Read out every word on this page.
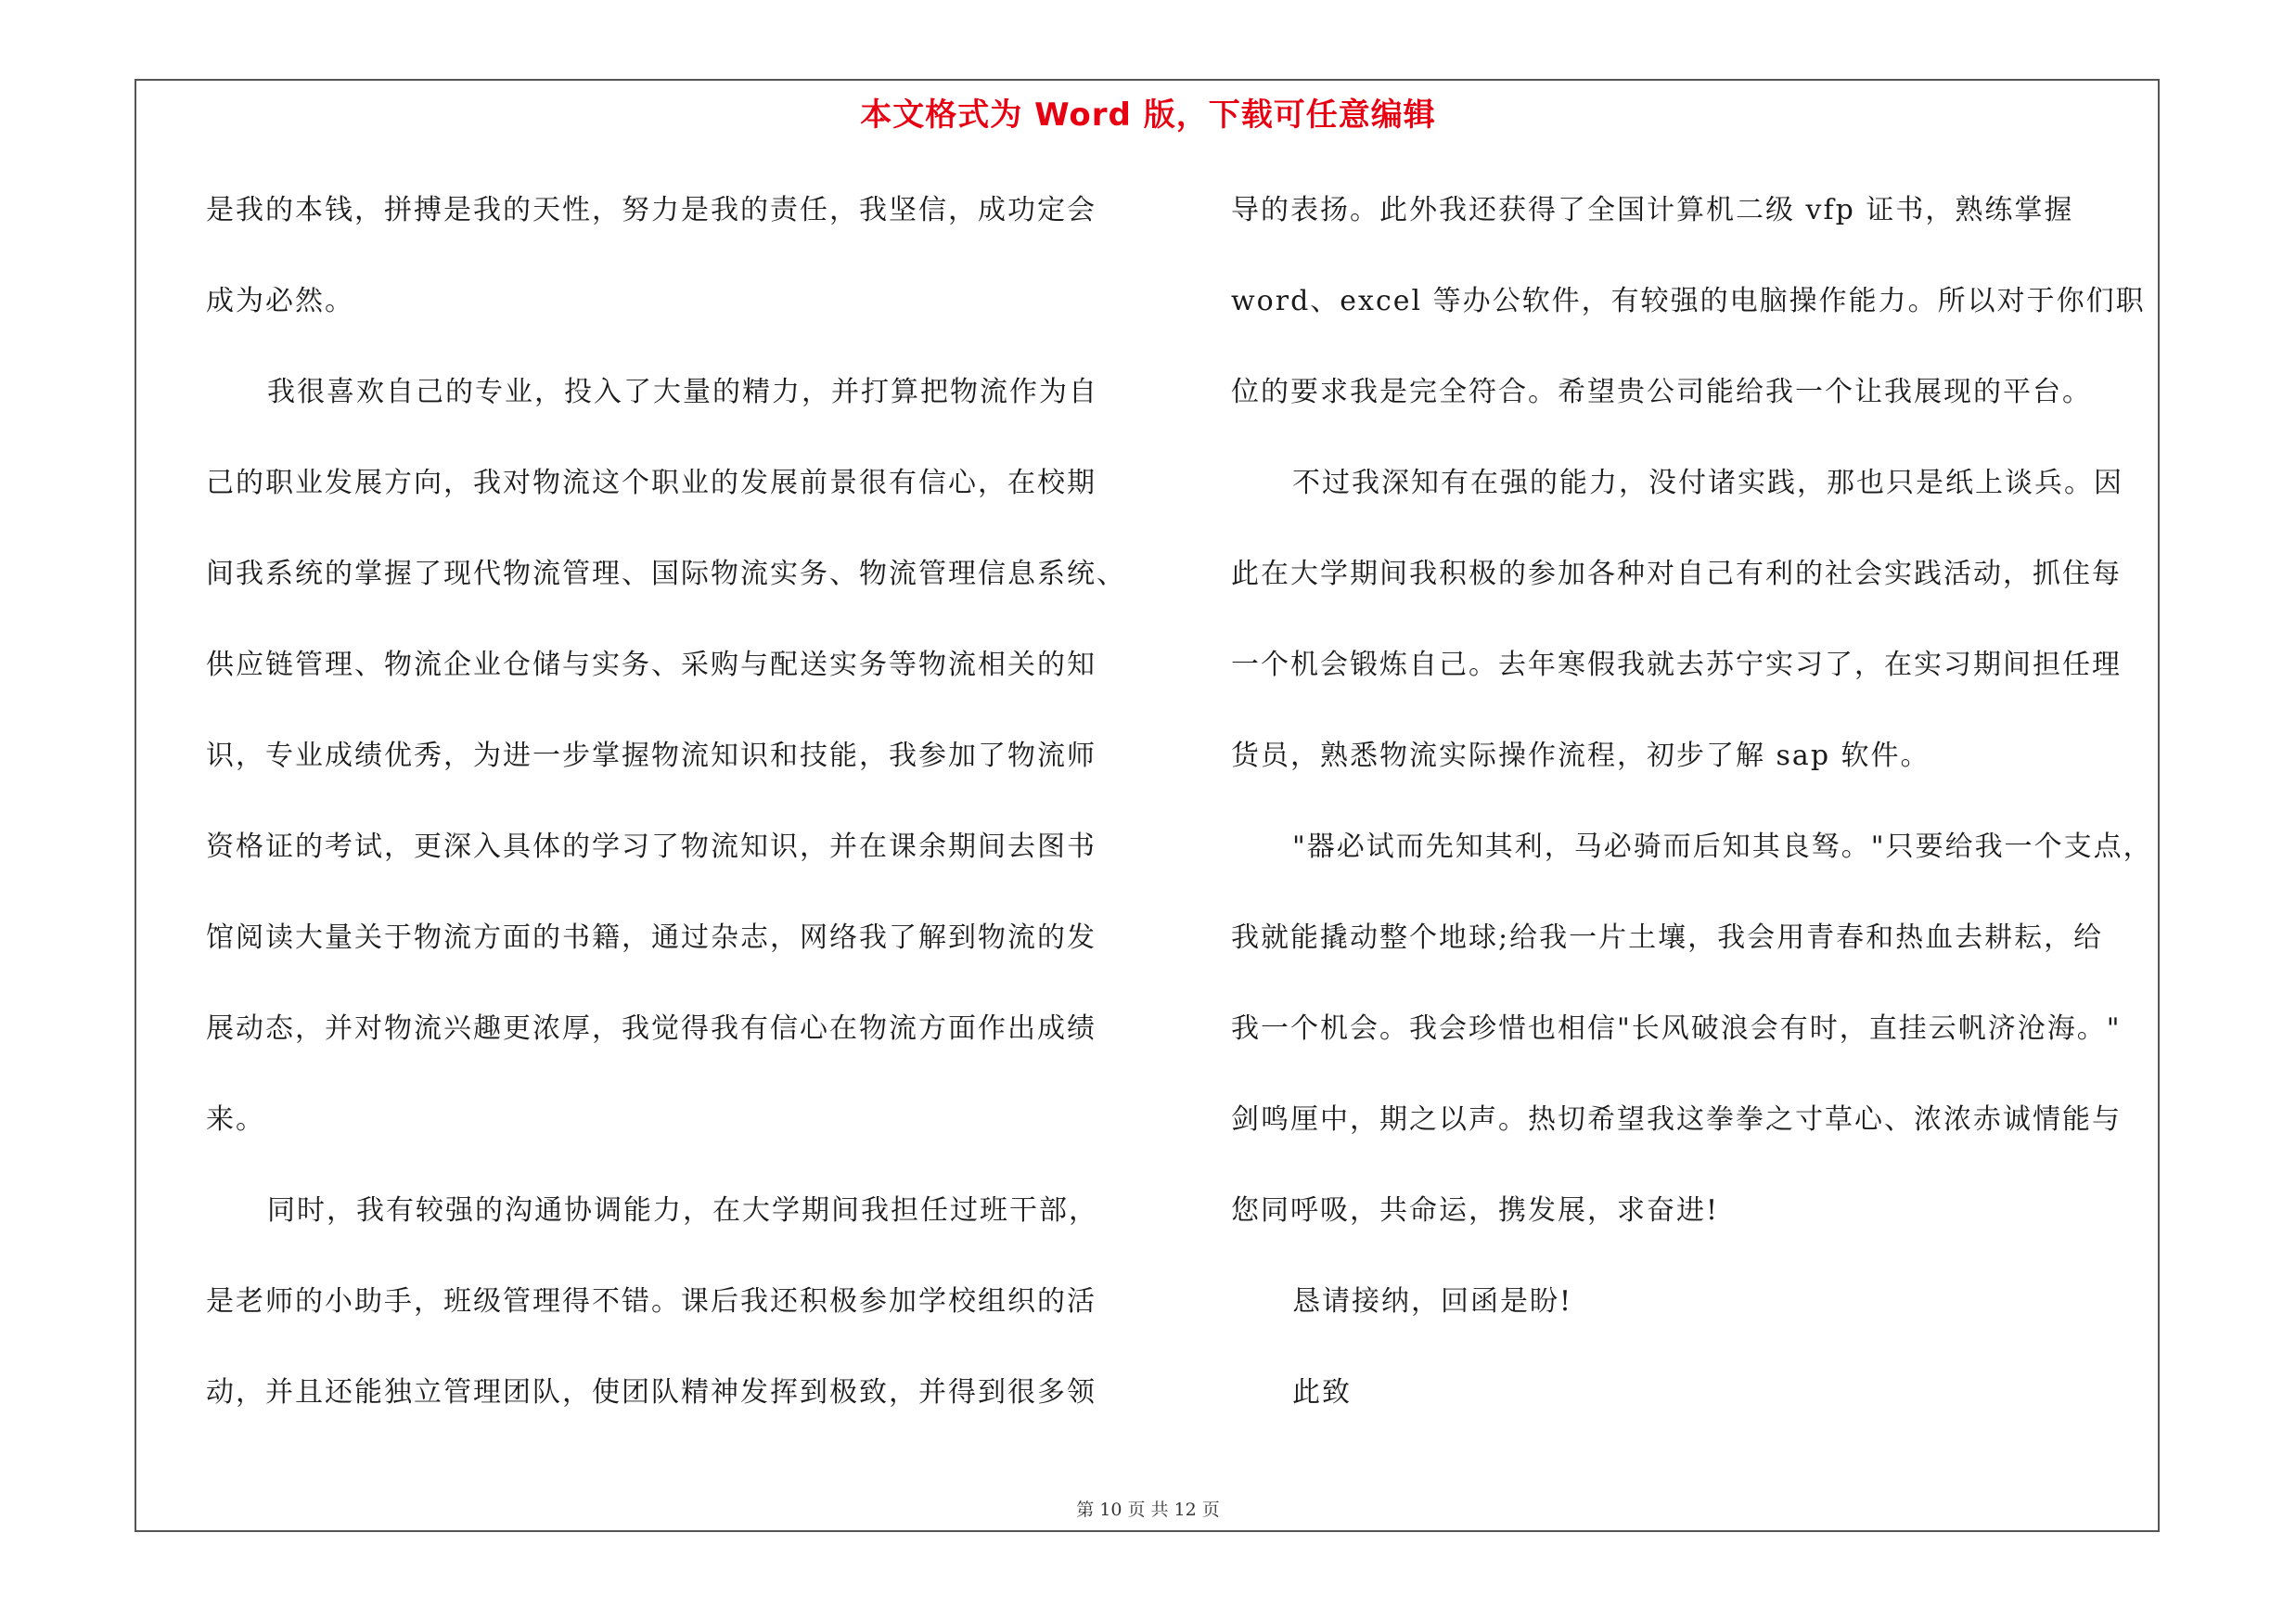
本文格式为 Word 版，下载可任意编辑
是我的本钱，拼搏是我的天性，努力是我的责任，我坚信，成功定会
成为必然。
我很喜欢自己的专业，投入了大量的精力，并打算把物流作为自
己的职业发展方向，我对物流这个职业的发展前景很有信心，在校期
间我系统的掌握了现代物流管理、国际物流实务、物流管理信息系统、
供应链管理、物流企业仓储与实务、采购与配送实务等物流相关的知
识，专业成绩优秀，为进一步掌握物流知识和技能，我参加了物流师
资格证的考试，更深入具体的学习了物流知识，并在课余期间去图书
馆阅读大量关于物流方面的书籍，通过杂志，网络我了解到物流的发
展动态，并对物流兴趣更浓厚，我觉得我有信心在物流方面作出成绩
来。
同时，我有较强的沟通协调能力，在大学期间我担任过班干部，
是老师的小助手，班级管理得不错。课后我还积极参加学校组织的活
动，并且还能独立管理团队，使团队精神发挥到极致，并得到很多领
导的表扬。此外我还获得了全国计算机二级 vfp 证书，熟练掌握
word、excel 等办公软件，有较强的电脑操作能力。所以对于你们职
位的要求我是完全符合。希望贵公司能给我一个让我展现的平台。
不过我深知有在强的能力，没付诸实践，那也只是纸上谈兵。因
此在大学期间我积极的参加各种对自己有利的社会实践活动，抓住每
一个机会锻炼自己。去年寒假我就去苏宁实习了，在实习期间担任理
货员，熟悉物流实际操作流程，初步了解 sap 软件。
"器必试而先知其利，马必骑而后知其良驽。"只要给我一个支点，
我就能撬动整个地球;给我一片土壤，我会用青春和热血去耕耘，给
我一个机会。我会珍惜也相信"长风破浪会有时，直挂云帆济沧海。"
剑鸣厘中，期之以声。热切希望我这拳拳之寸草心、浓浓赤诚情能与
您同呼吸，共命运，携发展，求奋进!
恳请接纳，回函是盼!
此致
第 10 页 共 12 页
